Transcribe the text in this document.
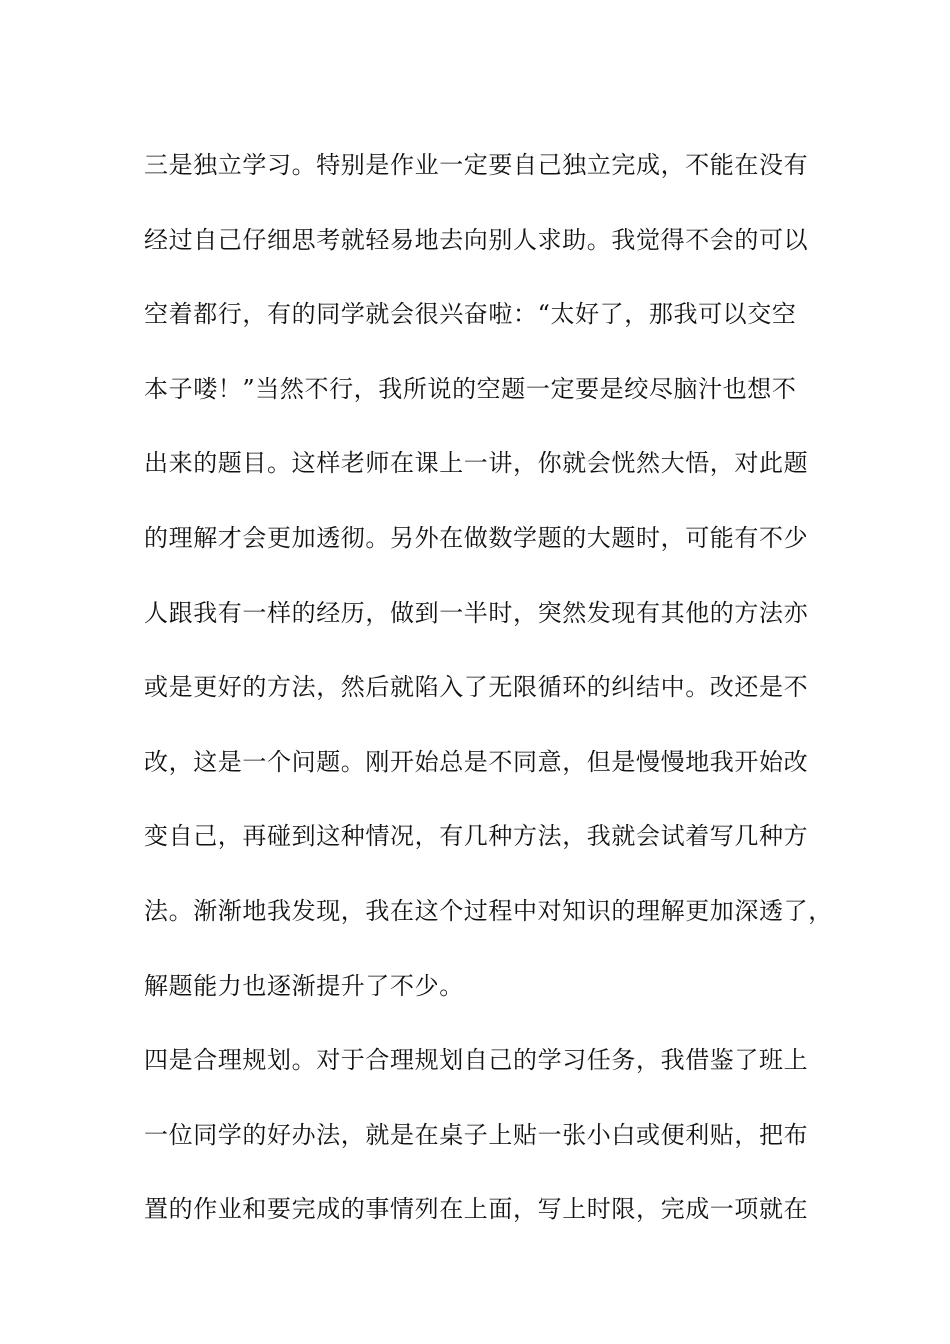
三是独立学习。特别是作业一定要自己独立完成，不能在没有
经过自己仔细思考就轻易地去向别人求助。我觉得不会的可以
空着都行，有的同学就会很兴奋啦：“太好了，那我可以交空
本子喽！”当然不行，我所说的空题一定要是绞尽脑汁也想不
出来的题目。这样老师在课上一讲，你就会恍然大悟，对此题
的理解才会更加透彻。另外在做数学题的大题时，可能有不少
人跟我有一样的经历，做到一半时，突然发现有其他的方法亦
或是更好的方法，然后就陷入了无限循环的纠结中。改还是不
改，这是一个问题。刚开始总是不同意，但是慢慢地我开始改
变自己，再碰到这种情况，有几种方法，我就会试着写几种方
法。渐渐地我发现，我在这个过程中对知识的理解更加深透了，
解题能力也逐渐提升了不少。
四是合理规划。对于合理规划自己的学习任务，我借鉴了班上
一位同学的好办法，就是在桌子上贴一张小白或便利贴，把布
置的作业和要完成的事情列在上面，写上时限，完成一项就在
